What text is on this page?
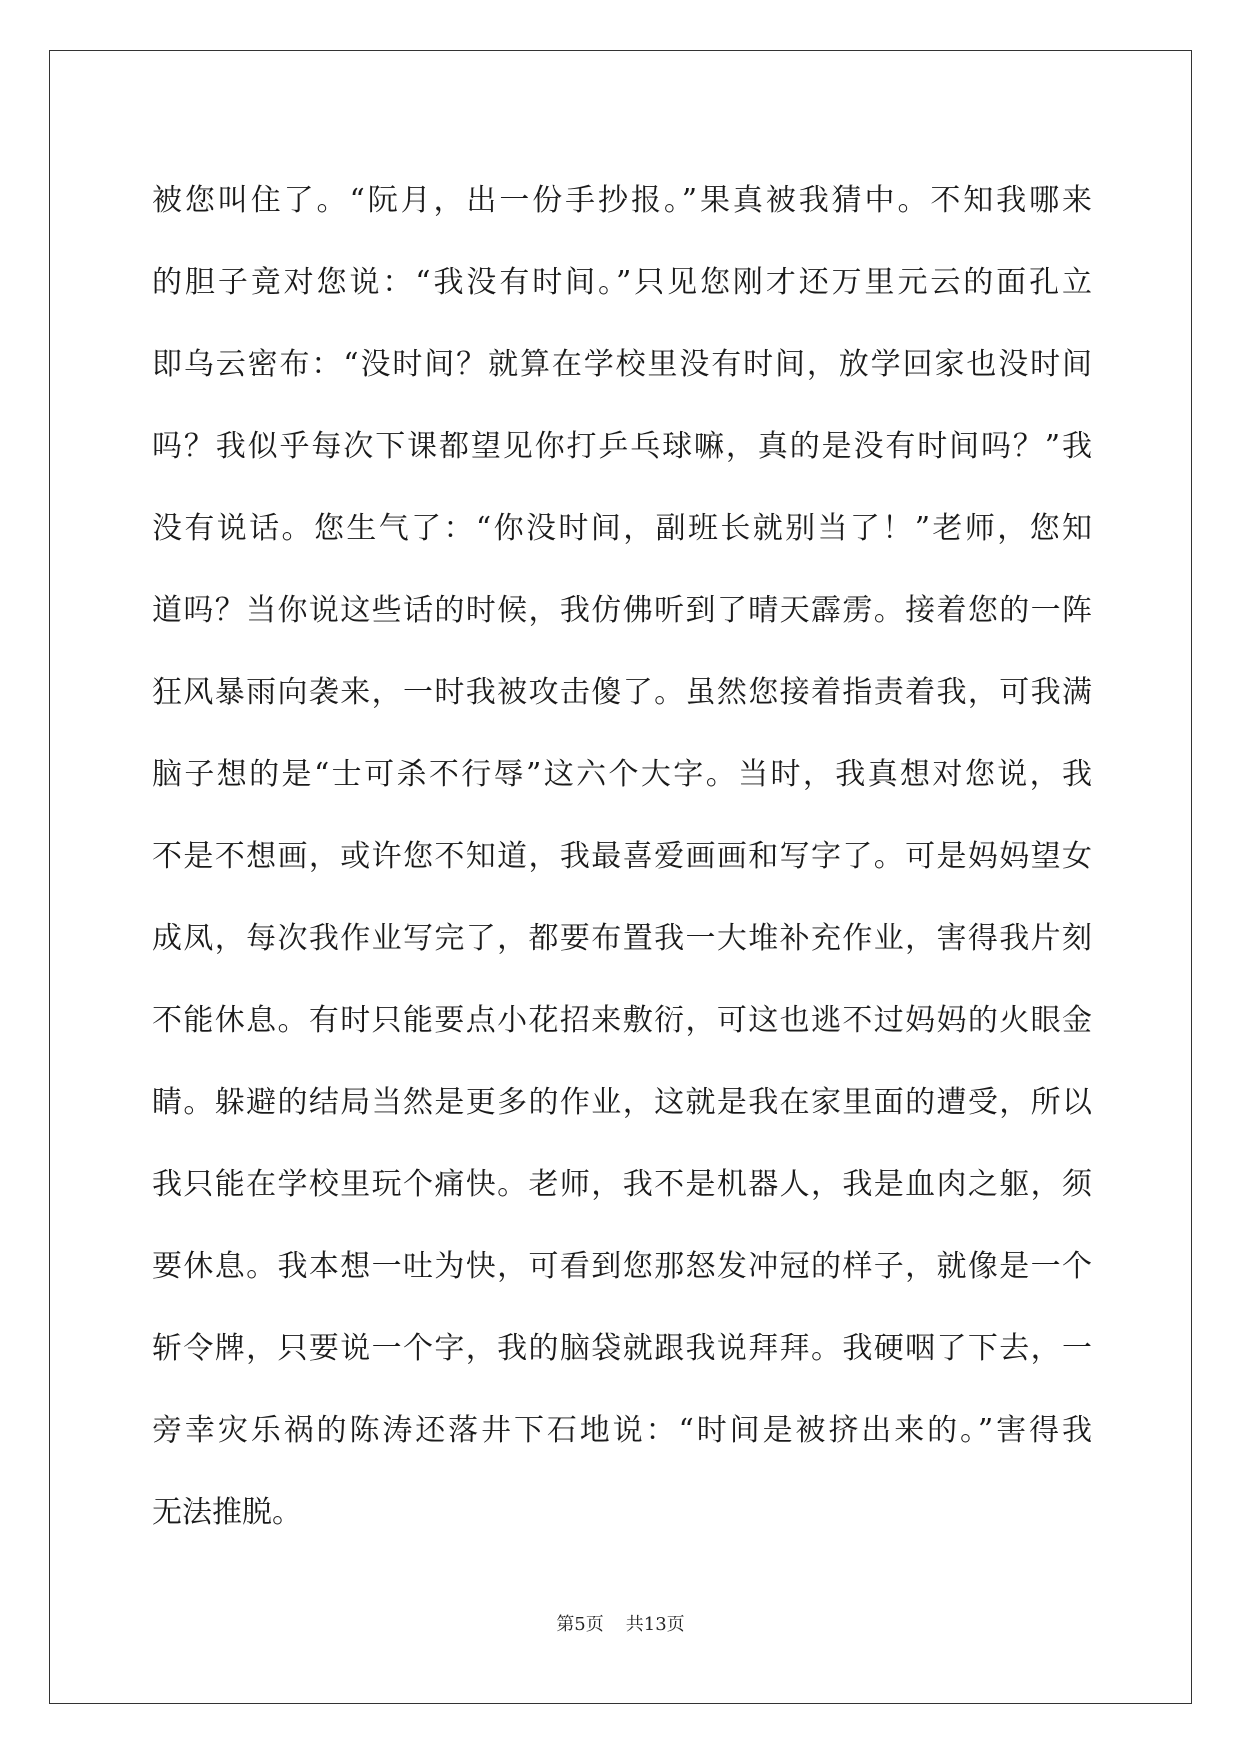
被您叫住了。“阮月，出一份手抄报。”果真被我猜中。不知我哪来
的胆子竟对您说：“我没有时间。”只见您刚才还万里元云的面孔立
即乌云密布：“没时间？就算在学校里没有时间，放学回家也没时间
吗？我似乎每次下课都望见你打乒乓球嘛，真的是没有时间吗？”我
没有说话。您生气了：“你没时间，副班长就别当了！”老师，您知
道吗？当你说这些话的时候，我仿佛听到了晴天霹雳。接着您的一阵
狂风暴雨向袭来，一时我被攻击傻了。虽然您接着指责着我，可我满
脑子想的是“士可杀不行辱”这六个大字。当时，我真想对您说，我
不是不想画，或许您不知道，我最喜爱画画和写字了。可是妈妈望女
成凤，每次我作业写完了，都要布置我一大堆补充作业，害得我片刻
不能休息。有时只能要点小花招来敷衍，可这也逃不过妈妈的火眼金
睛。躲避的结局当然是更多的作业，这就是我在家里面的遭受，所以
我只能在学校里玩个痛快。老师，我不是机器人，我是血肉之躯，须
要休息。我本想一吐为快，可看到您那怒发冲冠的样子，就像是一个
斩令牌，只要说一个字，我的脑袋就跟我说拜拜。我硬咽了下去，一
旁幸灾乐祸的陈涛还落井下石地说：“时间是被挤出来的。”害得我
无法推脱。
第5页 共13页
